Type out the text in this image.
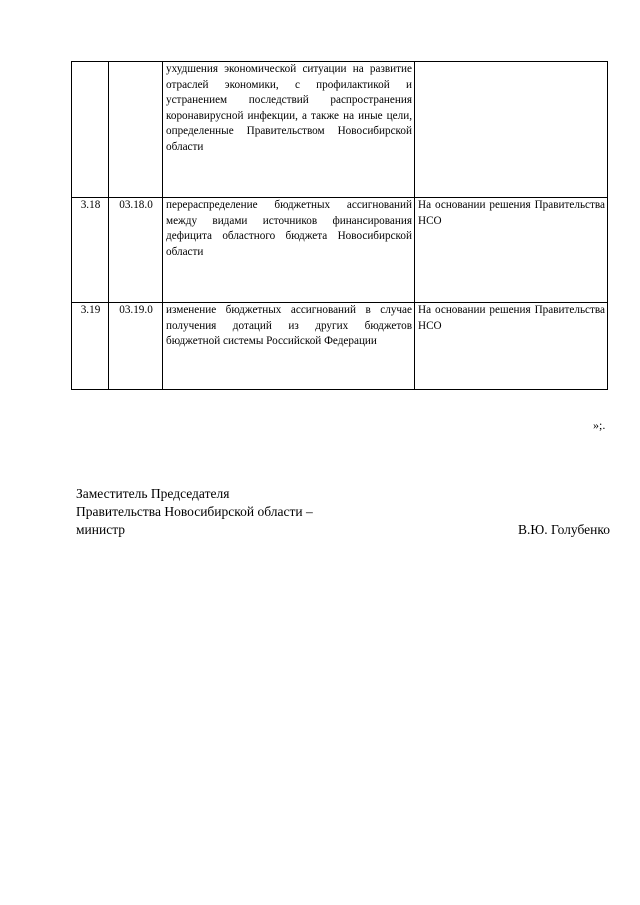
		ухудшения экономической ситуации на развитие отраслей экономики, с профилактикой и устранением последствий распространения коронавирусной инфекции, а также на иные цели, определенные Правительством Новосибирской области	

3.18	03.18.0	перераспределение бюджетных ассигнований между видами источников финансирования дефицита областного бюджета Новосибирской области	На основании решения Правительства НСО
3.19	03.19.0	изменение бюджетных ассигнований в случае получения дотаций из других бюджетов бюджетной системы Российской Федерации	На основании решения Правительства НСО
»;.
Заместитель Председателя
Правительства Новосибирской области –
министр	В.Ю. Голубенко
